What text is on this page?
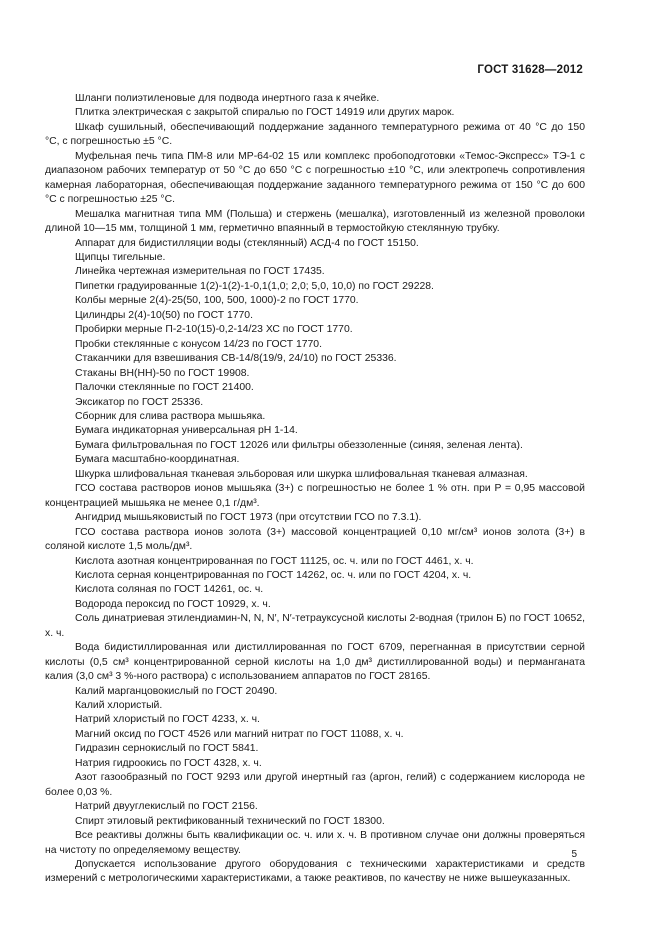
ГОСТ 31628—2012

Шланги полиэтиленовые для подвода инертного газа к ячейке.

Плитка электрическая с закрытой спиралью по ГОСТ 14919 или других марок.

Шкаф сушильный, обеспечивающий поддержание заданного температурного режима от 40 °С до 150 °С, с погрешностью ±5 °С.

Муфельная печь типа ПМ-8 или МР-64-02 15 или комплекс пробоподготовки «Темос-Экспресс» ТЭ-1 с диапазоном рабочих температур от 50 °С до 650 °С с погрешностью ±10 °С, или электропечь сопротивления камерная лабораторная, обеспечивающая поддержание заданного температурного режима от 150 °С до 600 °С с погрешностью ±25 °С.

Мешалка магнитная типа ММ (Польша) и стержень (мешалка), изготовленный из железной проволоки длиной 10—15 мм, толщиной 1 мм, герметично впаянный в термостойкую стеклянную трубку.

Аппарат для бидистилляции воды (стеклянный) АСД-4 по ГОСТ 15150.

Щипцы тигельные.

Линейка чертежная измерительная по ГОСТ 17435.

Пипетки градуированные 1(2)-1(2)-1-0,1(1,0; 2,0; 5,0, 10,0) по ГОСТ 29228.

Колбы мерные 2(4)-25(50, 100, 500, 1000)-2 по ГОСТ 1770.

Цилиндры 2(4)-10(50) по ГОСТ 1770.

Пробирки мерные П-2-10(15)-0,2-14/23 ХС по ГОСТ 1770.

Пробки стеклянные с конусом 14/23 по ГОСТ 1770.

Стаканчики для взвешивания СВ-14/8(19/9, 24/10) по ГОСТ 25336.

Стаканы ВН(НН)-50 по ГОСТ 19908.

Палочки стеклянные по ГОСТ 21400.

Эксикатор по ГОСТ 25336.

Сборник для слива раствора мышьяка.

Бумага индикаторная универсальная pH 1-14.

Бумага фильтровальная по ГОСТ 12026 или фильтры обеззоленные (синяя, зеленая лента).

Бумага масштабно-координатная.

Шкурка шлифовальная тканевая эльборовая или шкурка шлифовальная тканевая алмазная.

ГСО состава растворов ионов мышьяка (3+) с погрешностью не более 1 % отн. при P = 0,95 массовой концентрацией мышьяка не менее 0,1 г/дм³.

Ангидрид мышьяковистый по ГОСТ 1973 (при отсутствии ГСО по 7.3.1).

ГСО состава раствора ионов золота (3+) массовой концентрацией 0,10 мг/см³ ионов золота (3+) в соляной кислоте 1,5 моль/дм³.

Кислота азотная концентрированная по ГОСТ 11125, ос. ч. или по ГОСТ 4461, х. ч.

Кислота серная концентрированная по ГОСТ 14262, ос. ч. или по ГОСТ 4204, х. ч.

Кислота соляная по ГОСТ 14261, ос. ч.

Водорода пероксид по ГОСТ 10929, х. ч.

Соль динатриевая этилендиамин-N, N, N′, N′-тетрауксусной кислоты 2-водная (трилон Б) по ГОСТ 10652, х. ч.

Вода бидистиллированная или дистиллированная по ГОСТ 6709, перегнанная в присутствии серной кислоты (0,5 см³ концентрированной серной кислоты на 1,0 дм³ дистиллированной воды) и перманганата калия (3,0 см³ 3 %-ного раствора) с использованием аппаратов по ГОСТ 28165.

Калий марганцовокислый по ГОСТ 20490.

Калий хлористый.

Натрий хлористый по ГОСТ 4233, х. ч.

Магний оксид по ГОСТ 4526 или магний нитрат по ГОСТ 11088, х. ч.

Гидразин сернокислый по ГОСТ 5841.

Натрия гидроокись по ГОСТ 4328, х. ч.

Азот газообразный по ГОСТ 9293 или другой инертный газ (аргон, гелий) с содержанием кислорода не более 0,03 %.

Натрий двууглекислый по ГОСТ 2156.

Спирт этиловый ректификованный технический по ГОСТ 18300.

Все реактивы должны быть квалификации ос. ч. или х. ч. В противном случае они должны проверяться на чистоту по определяемому веществу.

Допускается использование другого оборудования с техническими характеристиками и средств измерений с метрологическими характеристиками, а также реактивов, по качеству не ниже вышеуказанных.

5
